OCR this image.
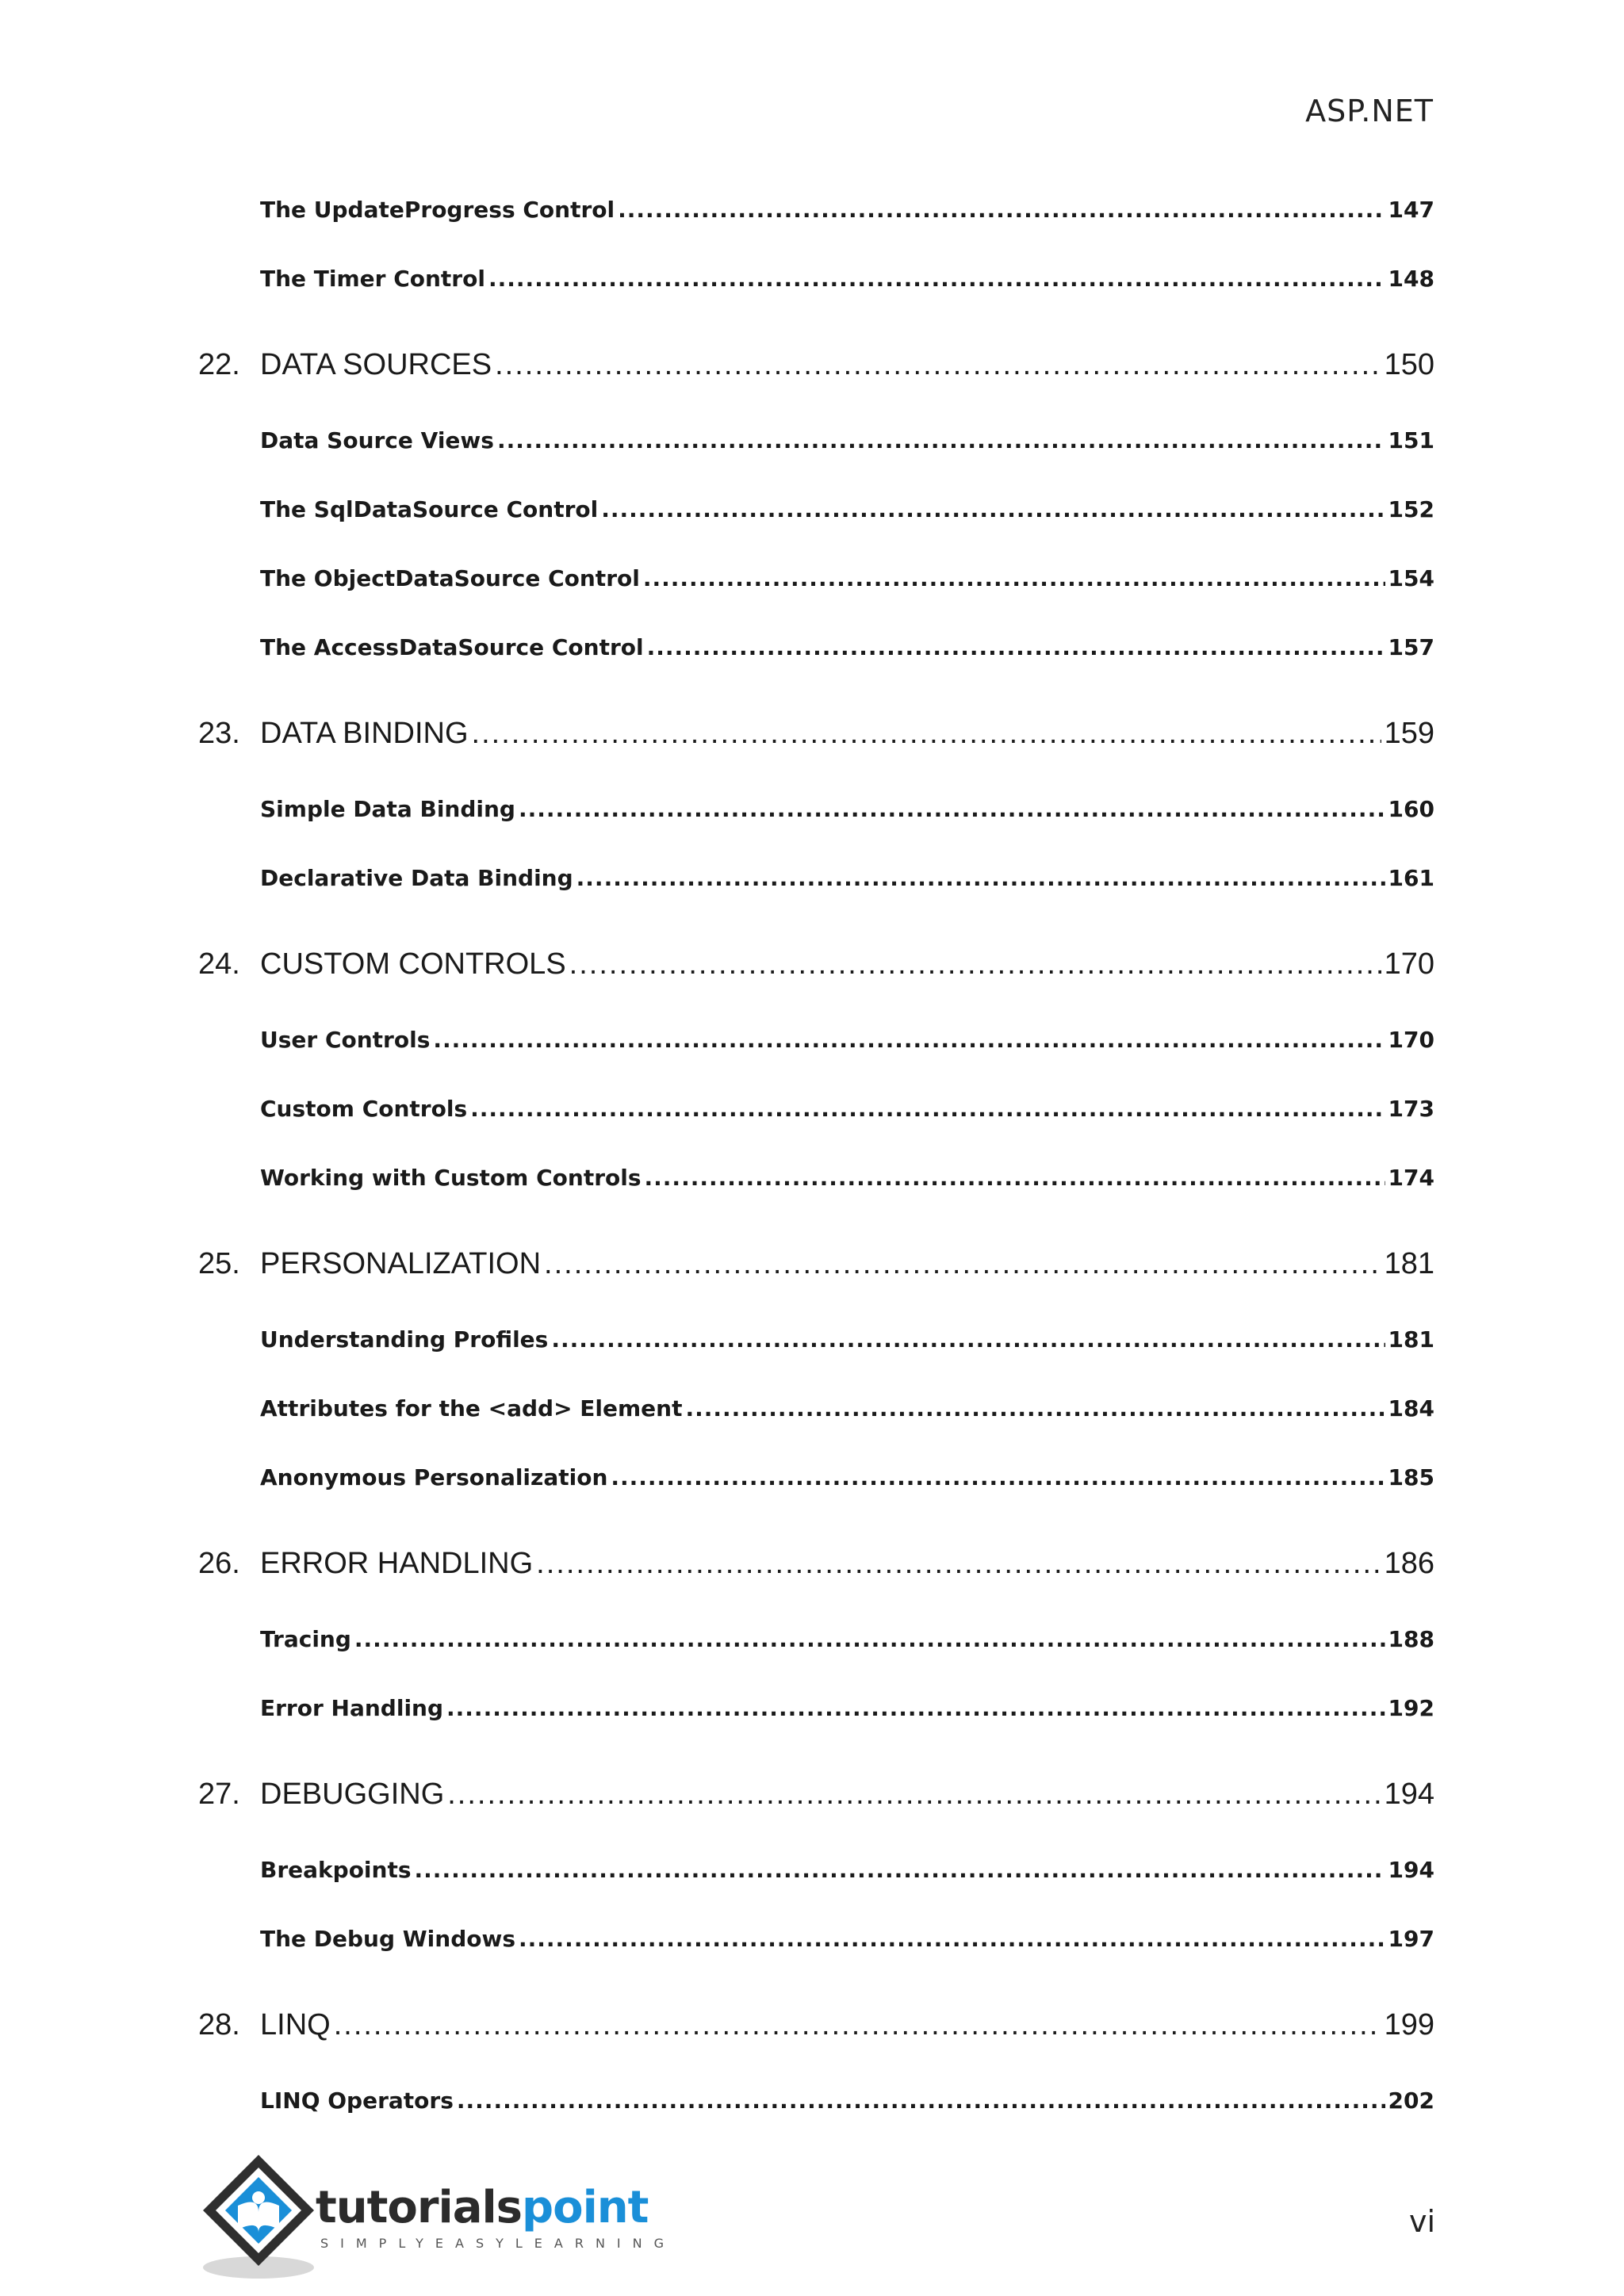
ASP.NET
The UpdateProgress Control .....	147
The Timer Control .....	148
22. DATA SOURCES .....	150
Data Source Views .....	151
The SqlDataSource Control .....	152
The ObjectDataSource Control .....	154
The AccessDataSource Control .....	157
23. DATA BINDING .....	159
Simple Data Binding .....	160
Declarative Data Binding .....	161
24. CUSTOM CONTROLS .....	170
User Controls .....	170
Custom Controls .....	173
Working with Custom Controls .....	174
25. PERSONALIZATION .....	181
Understanding Profiles .....	181
Attributes for the <add> Element .....	184
Anonymous Personalization .....	185
26. ERROR HANDLING .....	186
Tracing .....	188
Error Handling .....	192
27. DEBUGGING .....	194
Breakpoints .....	194
The Debug Windows .....	197
28. LINQ .....	199
LINQ Operators .....	202
tutorialspoint
SIMPLYEASYLEARNING
vi
